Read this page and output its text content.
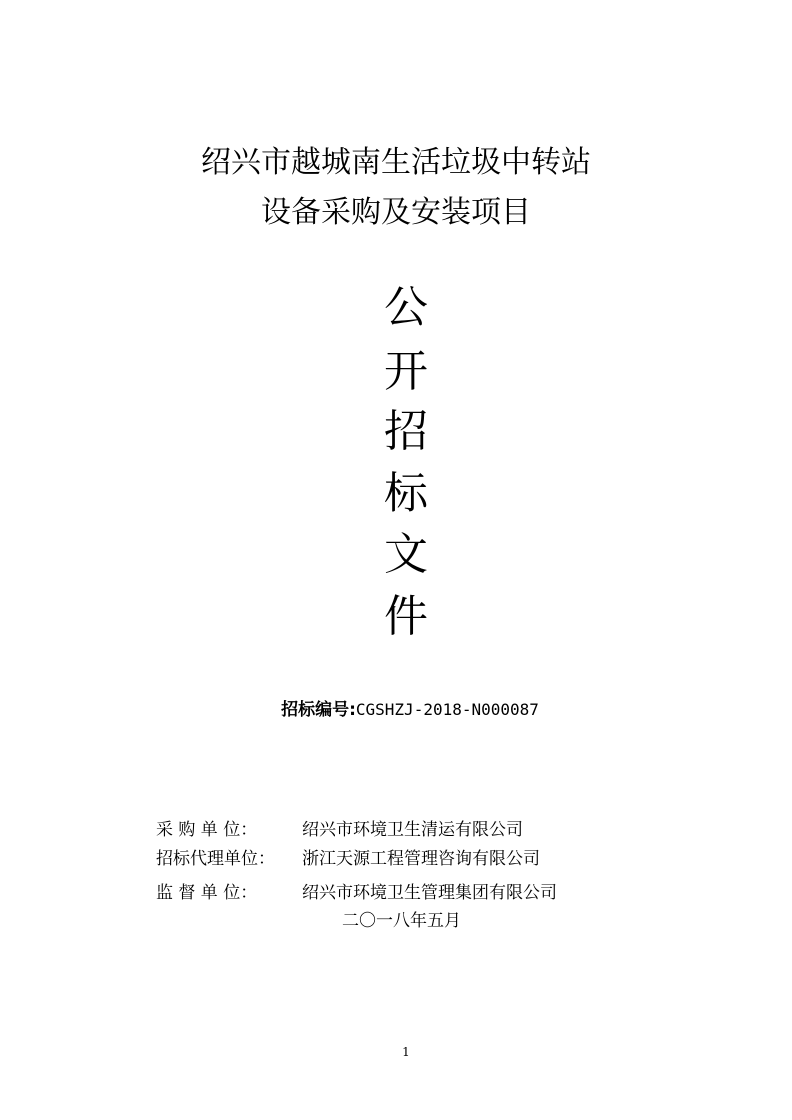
绍兴市越城南生活垃圾中转站
设备采购及安装项目
公
开
招
标
文
件
招标编号:CGSHZJ-2018-N000087
采 购 单 位：	绍兴市环境卫生清运有限公司
招标代理单位： 浙江天源工程管理咨询有限公司
监 督 单 位：	绍兴市环境卫生管理集团有限公司
二〇一八年五月
1
